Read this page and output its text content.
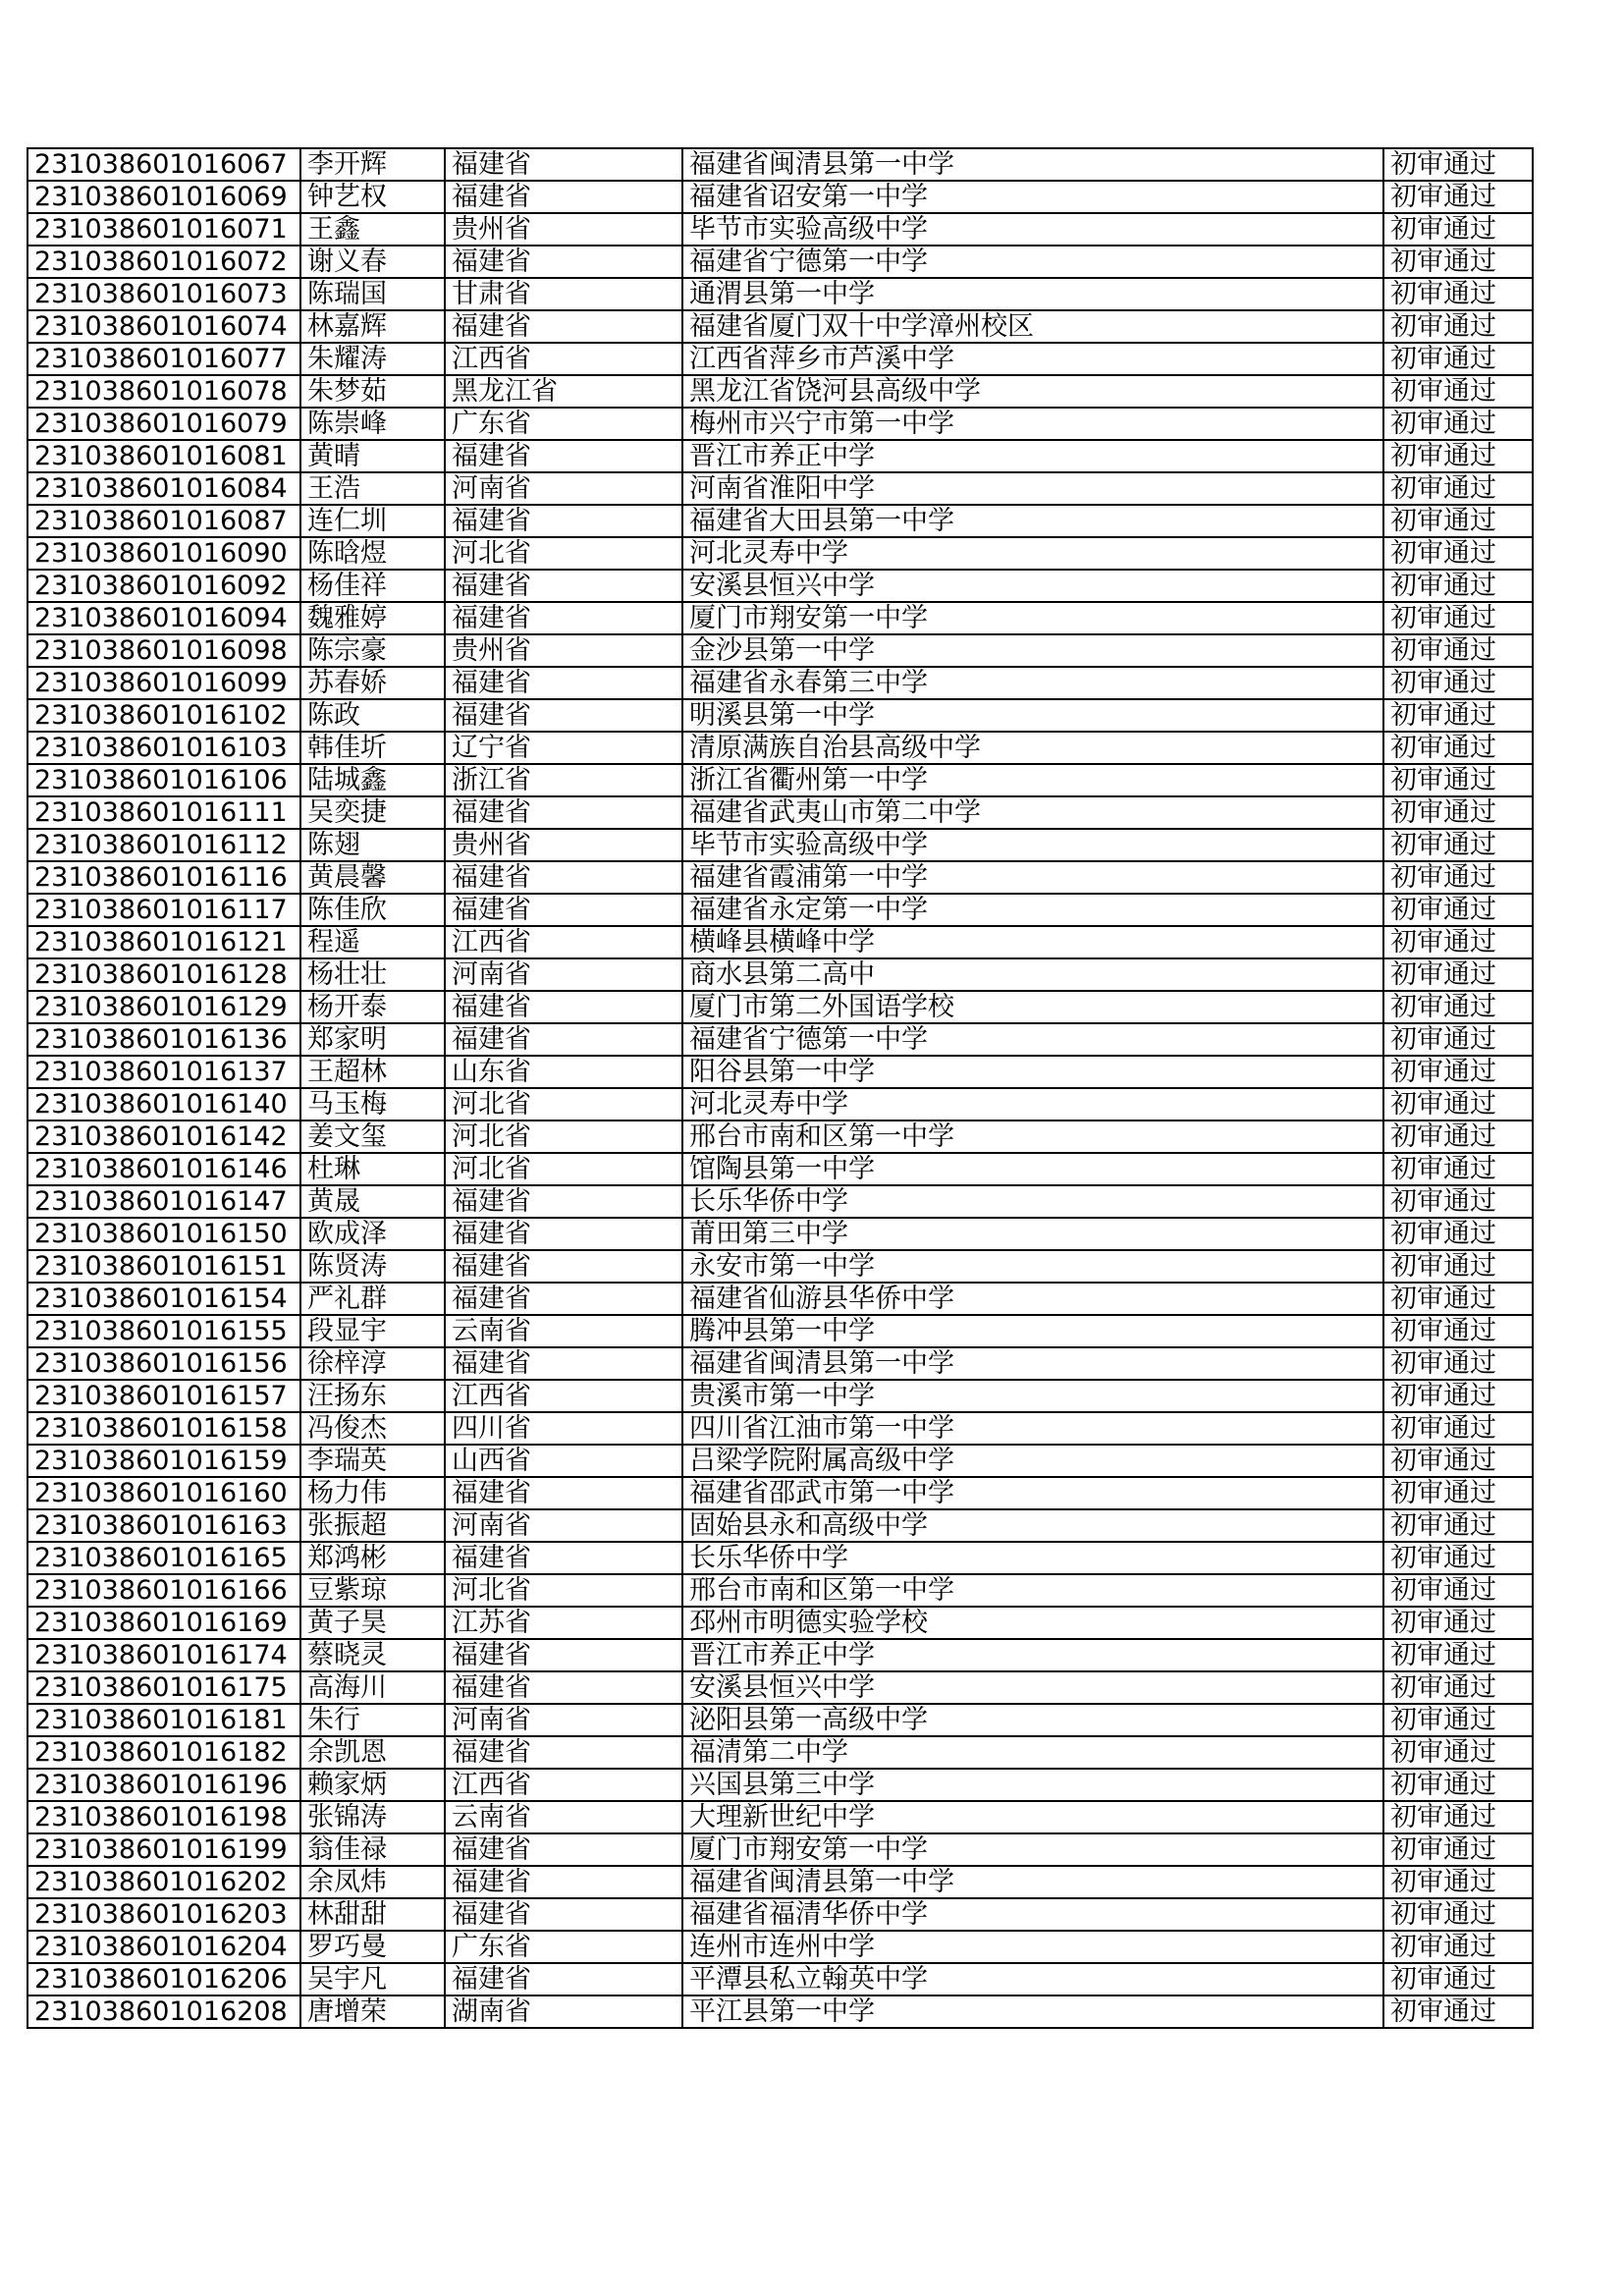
231038601016067	李开辉	福建省	福建省闽清县第一中学	初审通过
231038601016069	钟艺权	福建省	福建省诏安第一中学	初审通过
231038601016071	王鑫	贵州省	毕节市实验高级中学	初审通过
231038601016072	谢义春	福建省	福建省宁德第一中学	初审通过
231038601016073	陈瑞国	甘肃省	通渭县第一中学	初审通过
231038601016074	林嘉辉	福建省	福建省厦门双十中学漳州校区	初审通过
231038601016077	朱耀涛	江西省	江西省萍乡市芦溪中学	初审通过
231038601016078	朱梦茹	黑龙江省	黑龙江省饶河县高级中学	初审通过
231038601016079	陈崇峰	广东省	梅州市兴宁市第一中学	初审通过
231038601016081	黄晴	福建省	晋江市养正中学	初审通过
231038601016084	王浩	河南省	河南省淮阳中学	初审通过
231038601016087	连仁圳	福建省	福建省大田县第一中学	初审通过
231038601016090	陈晗煜	河北省	河北灵寿中学	初审通过
231038601016092	杨佳祥	福建省	安溪县恒兴中学	初审通过
231038601016094	魏雅婷	福建省	厦门市翔安第一中学	初审通过
231038601016098	陈宗豪	贵州省	金沙县第一中学	初审通过
231038601016099	苏春娇	福建省	福建省永春第三中学	初审通过
231038601016102	陈政	福建省	明溪县第一中学	初审通过
231038601016103	韩佳圻	辽宁省	清原满族自治县高级中学	初审通过
231038601016106	陆城鑫	浙江省	浙江省衢州第一中学	初审通过
231038601016111	吴奕捷	福建省	福建省武夷山市第二中学	初审通过
231038601016112	陈翅	贵州省	毕节市实验高级中学	初审通过
231038601016116	黄晨馨	福建省	福建省霞浦第一中学	初审通过
231038601016117	陈佳欣	福建省	福建省永定第一中学	初审通过
231038601016121	程遥	江西省	横峰县横峰中学	初审通过
231038601016128	杨壮壮	河南省	商水县第二高中	初审通过
231038601016129	杨开泰	福建省	厦门市第二外国语学校	初审通过
231038601016136	郑家明	福建省	福建省宁德第一中学	初审通过
231038601016137	王超林	山东省	阳谷县第一中学	初审通过
231038601016140	马玉梅	河北省	河北灵寿中学	初审通过
231038601016142	姜文玺	河北省	邢台市南和区第一中学	初审通过
231038601016146	杜琳	河北省	馆陶县第一中学	初审通过
231038601016147	黄晟	福建省	长乐华侨中学	初审通过
231038601016150	欧成泽	福建省	莆田第三中学	初审通过
231038601016151	陈贤涛	福建省	永安市第一中学	初审通过
231038601016154	严礼群	福建省	福建省仙游县华侨中学	初审通过
231038601016155	段显宇	云南省	腾冲县第一中学	初审通过
231038601016156	徐梓淳	福建省	福建省闽清县第一中学	初审通过
231038601016157	汪扬东	江西省	贵溪市第一中学	初审通过
231038601016158	冯俊杰	四川省	四川省江油市第一中学	初审通过
231038601016159	李瑞英	山西省	吕梁学院附属高级中学	初审通过
231038601016160	杨力伟	福建省	福建省邵武市第一中学	初审通过
231038601016163	张振超	河南省	固始县永和高级中学	初审通过
231038601016165	郑鸿彬	福建省	长乐华侨中学	初审通过
231038601016166	豆紫琼	河北省	邢台市南和区第一中学	初审通过
231038601016169	黄子昊	江苏省	邳州市明德实验学校	初审通过
231038601016174	蔡晓灵	福建省	晋江市养正中学	初审通过
231038601016175	高海川	福建省	安溪县恒兴中学	初审通过
231038601016181	朱行	河南省	泌阳县第一高级中学	初审通过
231038601016182	余凯恩	福建省	福清第二中学	初审通过
231038601016196	赖家炳	江西省	兴国县第三中学	初审通过
231038601016198	张锦涛	云南省	大理新世纪中学	初审通过
231038601016199	翁佳禄	福建省	厦门市翔安第一中学	初审通过
231038601016202	余凤炜	福建省	福建省闽清县第一中学	初审通过
231038601016203	林甜甜	福建省	福建省福清华侨中学	初审通过
231038601016204	罗巧曼	广东省	连州市连州中学	初审通过
231038601016206	吴宇凡	福建省	平潭县私立翰英中学	初审通过
231038601016208	唐增荣	湖南省	平江县第一中学	初审通过
